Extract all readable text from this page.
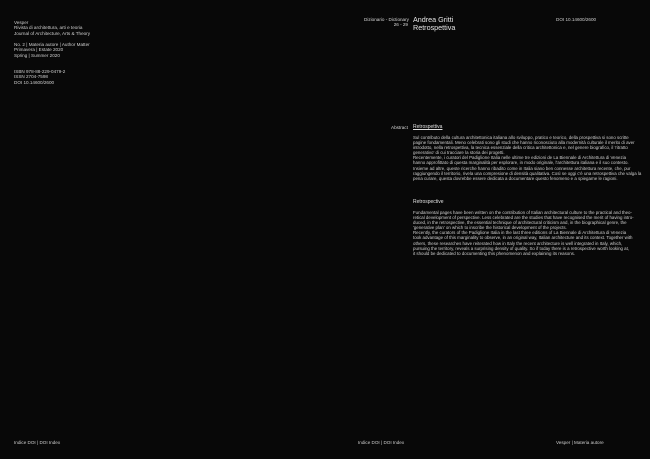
Vesper
Rivista di architettura, arti e teoria
Journal of Architecture, Arts & Theory
No. 2 | Materia autore | Author Matter
Primavera | Estate 2020
Spring | Summer 2020
ISBN 978-88-229-0479-2
ISSN 2704-7598
DOI 10.14600/2600
Dizionario - Dictionary
26 - 29
Andrea Gritti
Retrospettiva
DOI 10.14600/2600
Abstract Retrospettiva
Sul contributo della cultura architettonica italiana allo sviluppo, pratico e teorico, della prospettiva si sono scritte
pagine fondamentali. Meno celebrati sono gli studi che hanno riconosciuto alla modernità culturale il merito di aver
introdotto, nella retrospettiva, la tecnica essenziale della critica architettonica e, nel genere biografico, il 'ritratto
generativo' di cui tracciare la storia dei progetti.
Recentemente, i curatori del Padiglione Italia nelle ultime tre edizioni de La Biennale di Architettura di Venezia
hanno approfittato di questa marginalità per esplorare, in modo originale, l'architettura italiana e il suo contesto.
Insieme ad altre, queste ricerche hanno ribadito come in Italia siano ben connesse architettura recente, che, pur
raggiungendo il territorio, rivela una compresione di densità qualitativa. Così se oggi c'è una retrospettiva che valga la
pena curare, questa dovrebbe essere dedicata a documentare questo fenomeno e a spiegarne le ragioni.
Retrospective
Fundamental pages have been written on the contribution of Italian architectural culture to the practical and theo-
retical development of perspective. Less celebrated are the studies that have recognised the merit of having intro-
duced, in the retrospective, the essential technique of architectural criticism and, in the biographical genre, the
'generative plan' on which to inscribe the historical development of the projects.
Recently, the curators of the Padiglione Italia in the last three editions of La Biennale di Architettura di Venezia
took advantage of this marginality to observe, in an original way, Italian architecture and its context. Together with
others, these researches have reiterated how in Italy the recent architecture is well integrated in Italy, which,
pursuing the territory, reveals a surprising density of quality. So if today there is a retrospective worth looking at,
it should be dedicated to documenting this phenomenon and explaining its reasons.
Indice DOI | DOI Index	Indice DOI | DOI Index	Vesper | Materia autore
